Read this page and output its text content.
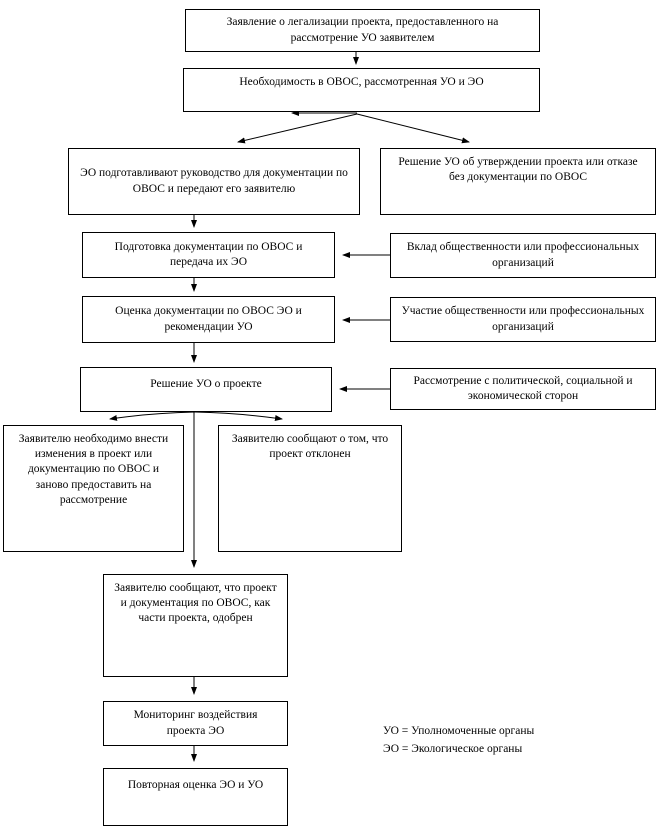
Заявление о легализации проекта, предоставленного на рассмотрение УО заявителем
Необходимость в ОВОС, рассмотренная УО и ЭО
ЭО подготавливают руководство для документации по ОВОС и передают его заявителю
Решение УО об утверждении проекта или отказе без документации по ОВОС
Подготовка документации по ОВОС и передача их ЭО
Вклад общественности или профессиональных организаций
Оценка документации по ОВОС ЭО и рекомендации УО
Участие общественности или профессиональных организаций
Решение УО о проекте	Рассмотрение с политической, социальной и экономической сторон
Заявителю необходимо внести изменения в проект или документацию по ОВОС и заново предоставить на рассмотрение
Заявителю сообщают о том, что проект отклонен
Заявителю сообщают, что проект и документация по ОВОС, как части проекта, одобрен
Мониторинг воздействия проекта ЭО
Повторная оценка ЭО и УО
УО = Уполномоченные органы
ЭО = Экологическое органы
